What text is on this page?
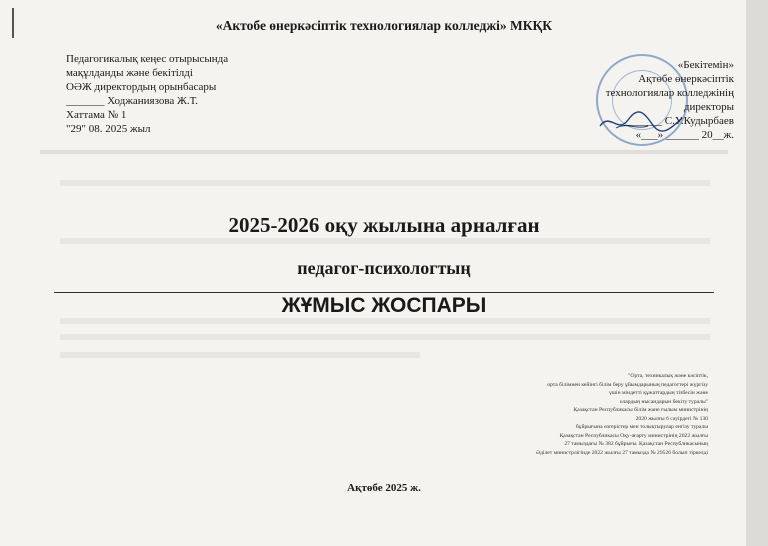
«Актобе өнеркәсіптік технологиялар колледжі» МКҚК
Педагогикалық кеңес отырысында
мақұлданды және бекітілді
ОӘЖ директордың орынбасары
_______ Ходжаниязова Ж.Т.
Хаттама № 1
"29" 08. 2025 жыл
«Бекітемін»
Ақтөбе өнеркәсіптік
технологиялар колледжінің
директоры
_______ С.У.Кудырбаев
«___» ______ 20__ж.
2025-2026 оқу жылына арналған
педагог-психологтың
ЖҰМЫС ЖОСПАРЫ
"Орта, техникалық және кәсіптік,
орта білімнен кейінгі білім беру ұйымдарының педагогтері жүргізу
үшін міндетті құжаттардың тізбесін және
олардың нысандарын бекіту туралы"
Қазақстан Республикасы білім және ғылым министрінің
2020 жылғы 6 сәуірдегі № 130
бұйрығына өзгерістер мен толықтырулар енгізу туралы
Қазақстан Республикасы Оқу-ағарту министрінің 2022 жылғы
27 тамыздағы № 382 бұйрығы. Қазақстан Республикасының
Әділет министрлігінде 2022 жылғы 27 тамызда № 29526 болып тіркелді
Ақтөбе 2025 ж.
